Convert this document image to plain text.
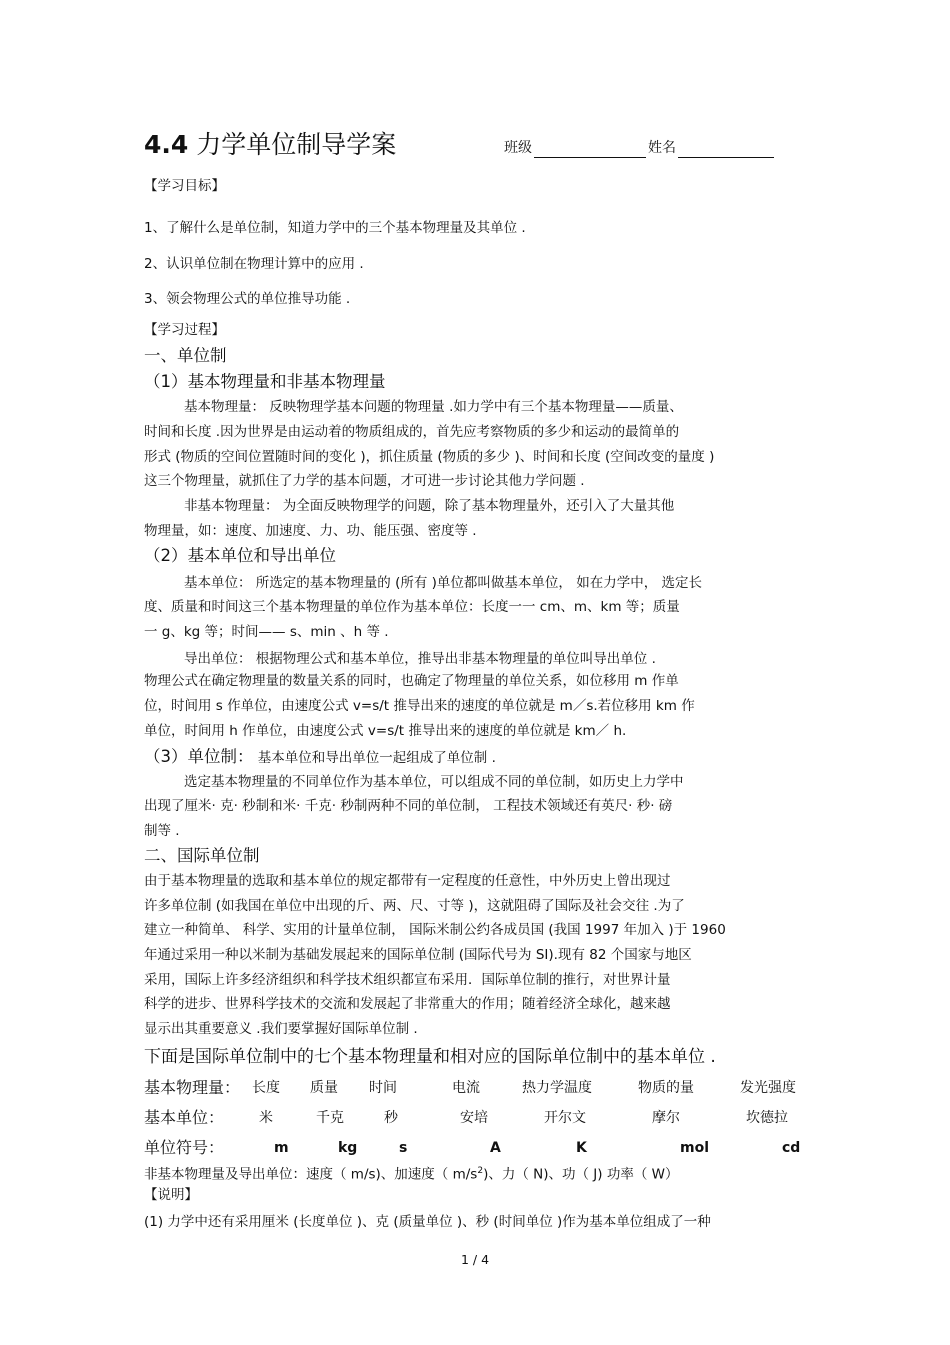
4.4 力学单位制导学案	班级	姓名
【学习目标】
1、了解什么是单位制，知道力学中的三个基本物理量及其单位 .
2、认识单位制在物理计算中的应用 .
3、领会物理公式的单位推导功能 .
【学习过程】
一、单位制
（1）基本物理量和非基本物理量
基本物理量： 反映物理学基本问题的物理量 .如力学中有三个基本物理量——质量、
时间和长度 .因为世界是由运动着的物质组成的，首先应考察物质的多少和运动的最简单的
形式 (物质的空间位置随时间的变化 )，抓住质量 (物质的多少 )、时间和长度 (空间改变的量度 )
这三个物理量，就抓住了力学的基本问题，才可进一步讨论其他力学问题 .
非基本物理量： 为全面反映物理学的问题，除了基本物理量外，还引入了大量其他
物理量，如：速度、加速度、力、功、能压强、密度等 .
（2）基本单位和导出单位
基本单位： 所选定的基本物理量的 (所有 )单位都叫做基本单位， 如在力学中， 选定长
度、质量和时间这三个基本物理量的单位作为基本单位：长度一一 cm、m、km 等；质量
一 g、kg 等；时间—— s、min 、h 等 .
导出单位： 根据物理公式和基本单位，推导出非基本物理量的单位叫导出单位 .
物理公式在确定物理量的数量关系的同时，也确定了物理量的单位关系，如位移用 m 作单
位，时间用 s 作单位，由速度公式 v=s/t 推导出来的速度的单位就是 m／s.若位移用 km 作
单位，时间用 h 作单位，由速度公式 v=s/t 推导出来的速度的单位就是 km／ h.
（3）单位制： 基本单位和导出单位一起组成了单位制 .
选定基本物理量的不同单位作为基本单位，可以组成不同的单位制，如历史上力学中
出现了厘米· 克· 秒制和米· 千克· 秒制两种不同的单位制， 工程技术领域还有英尺· 秒· 磅
制等 .
二、国际单位制
由于基本物理量的选取和基本单位的规定都带有一定程度的任意性，中外历史上曾出现过
许多单位制 (如我国在单位中出现的斤、两、尺、寸等 )，这就阻碍了国际及社会交往 .为了
建立一种简单、 科学、实用的计量单位制， 国际米制公约各成员国 (我国 1997 年加入 )于 1960
年通过采用一种以米制为基础发展起来的国际单位制 (国际代号为 SI).现有 82 个国家与地区
采用，国际上许多经济组织和科学技术组织都宣布采用．国际单位制的推行，对世界计量
科学的进步、世界科学技术的交流和发展起了非常重大的作用；随着经济全球化，越来越
显示出其重要意义 .我们要掌握好国际单位制 .
下面是国际单位制中的七个基本物理量和相对应的国际单位制中的基本单位 .
基本物理量： 长度 质量 时间	电流	热力学温度	物质的量	发光强度
基本单位： 米	千克	秒	安培	开尔文	摩尔	坎德拉
单位符号：	m	kg	s	A	K	mol	cd
非基本物理量及导出单位：速度（ m/s)、加速度（ $m/s^2$)、力（ N)、功（ J) 功率（ W）
【说明】
(1) 力学中还有采用厘米 (长度单位 )、克 (质量单位 )、秒 (时间单位 )作为基本单位组成了一种
1 / 4
